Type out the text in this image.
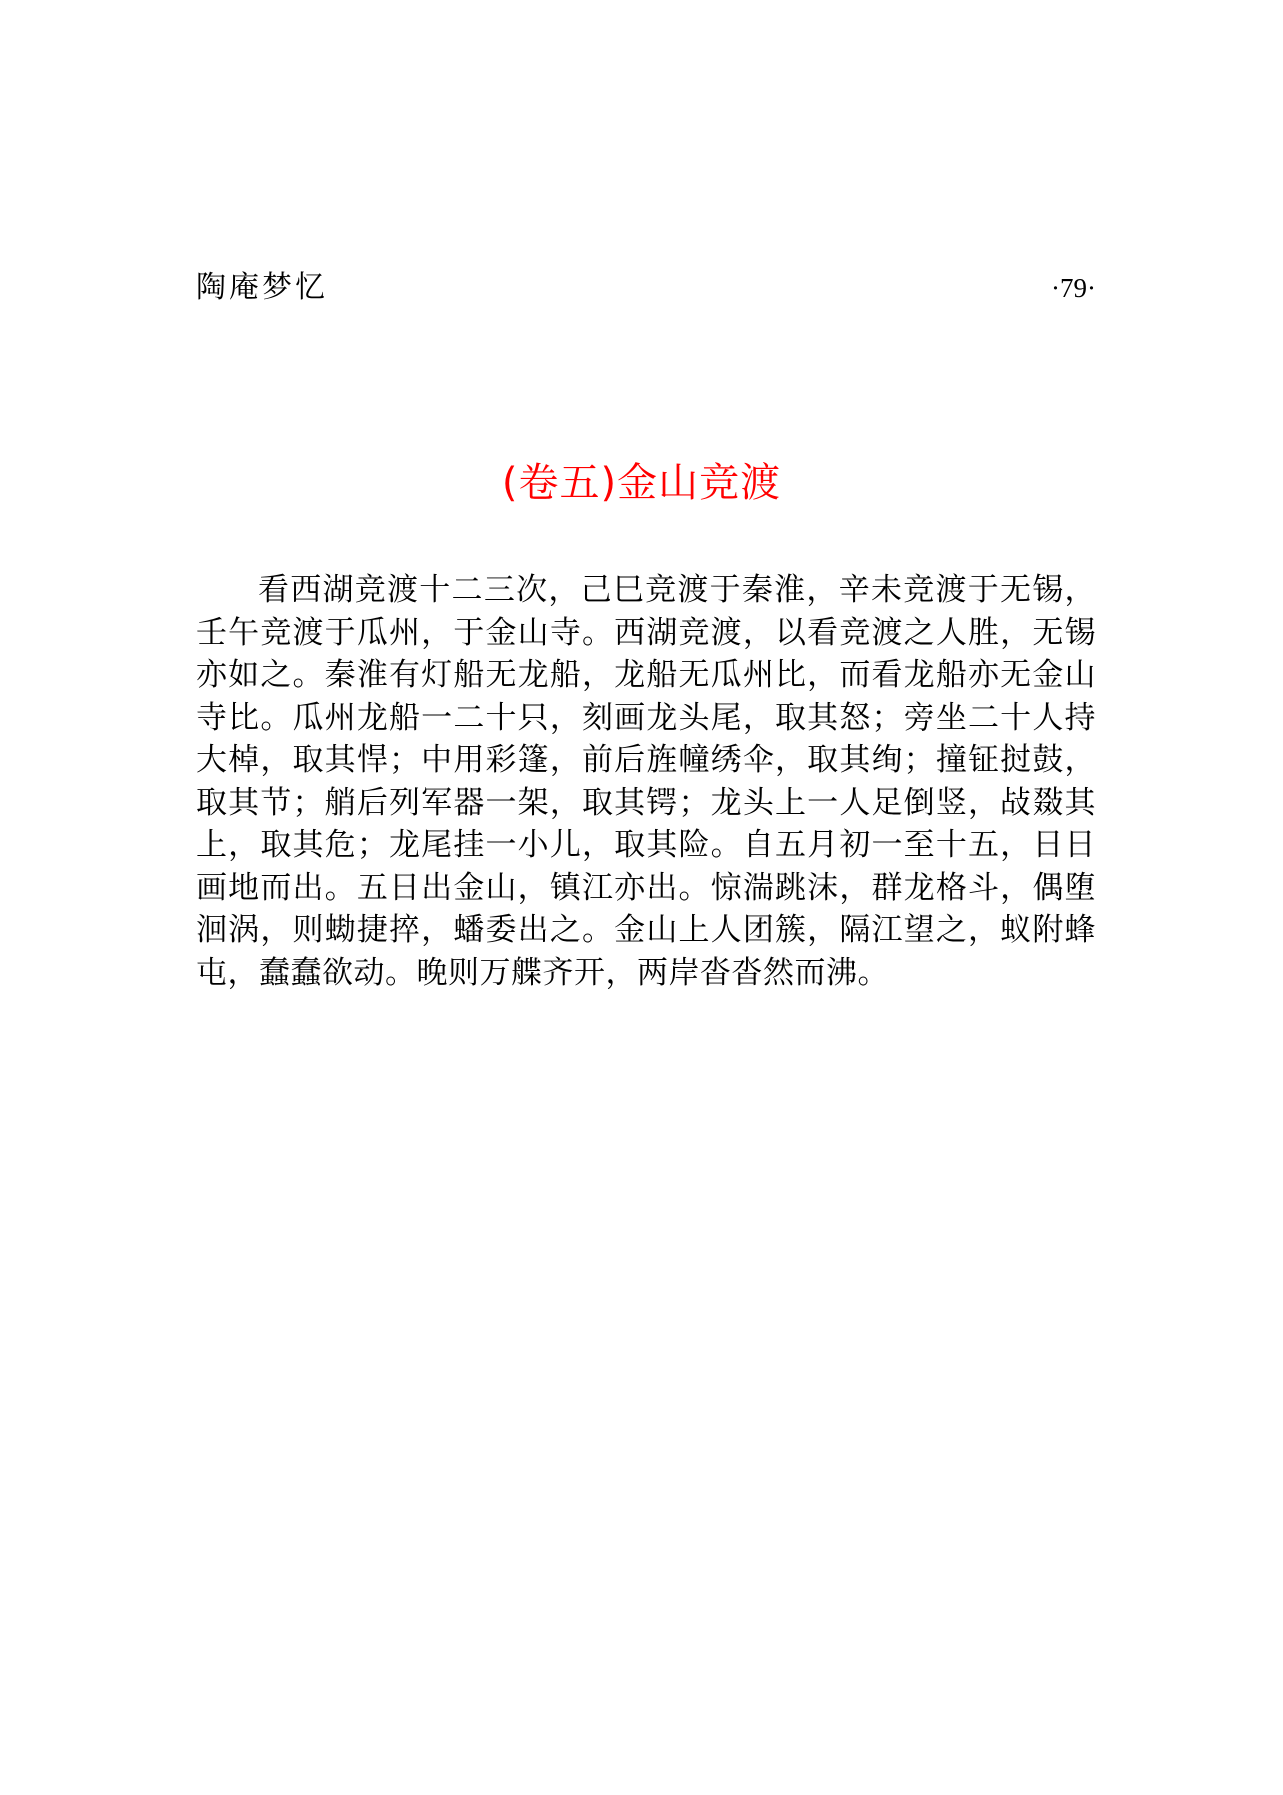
陶庵梦忆	·79·
(卷五)金山竞渡

看西湖竞渡十二三次，己巳竞渡于秦淮，辛未竞渡于无锡，壬午竞渡于瓜州，于金山寺。西湖竞渡，以看竞渡之人胜，无锡亦如之。秦淮有灯船无龙船，龙船无瓜州比，而看龙船亦无金山寺比。瓜州龙船一二十只，刻画龙头尾，取其怒；旁坐二十人持大棹，取其悍；中用彩篷，前后旌幢绣伞，取其绚；撞钲挝鼓，取其节；艄后列军器一架，取其锷；龙头上一人足倒竖，敁敠其上，取其危；龙尾挂一小儿，取其险。自五月初一至十五，日日画地而出。五日出金山，镇江亦出。惊湍跳沫，群龙格斗，偶堕洄涡，则蜐捷捽，蟠委出之。金山上人团簇，隔江望之，蚁附蜂屯，蠢蠢欲动。晚则万艓齐开，两岸沓沓然而沸。
